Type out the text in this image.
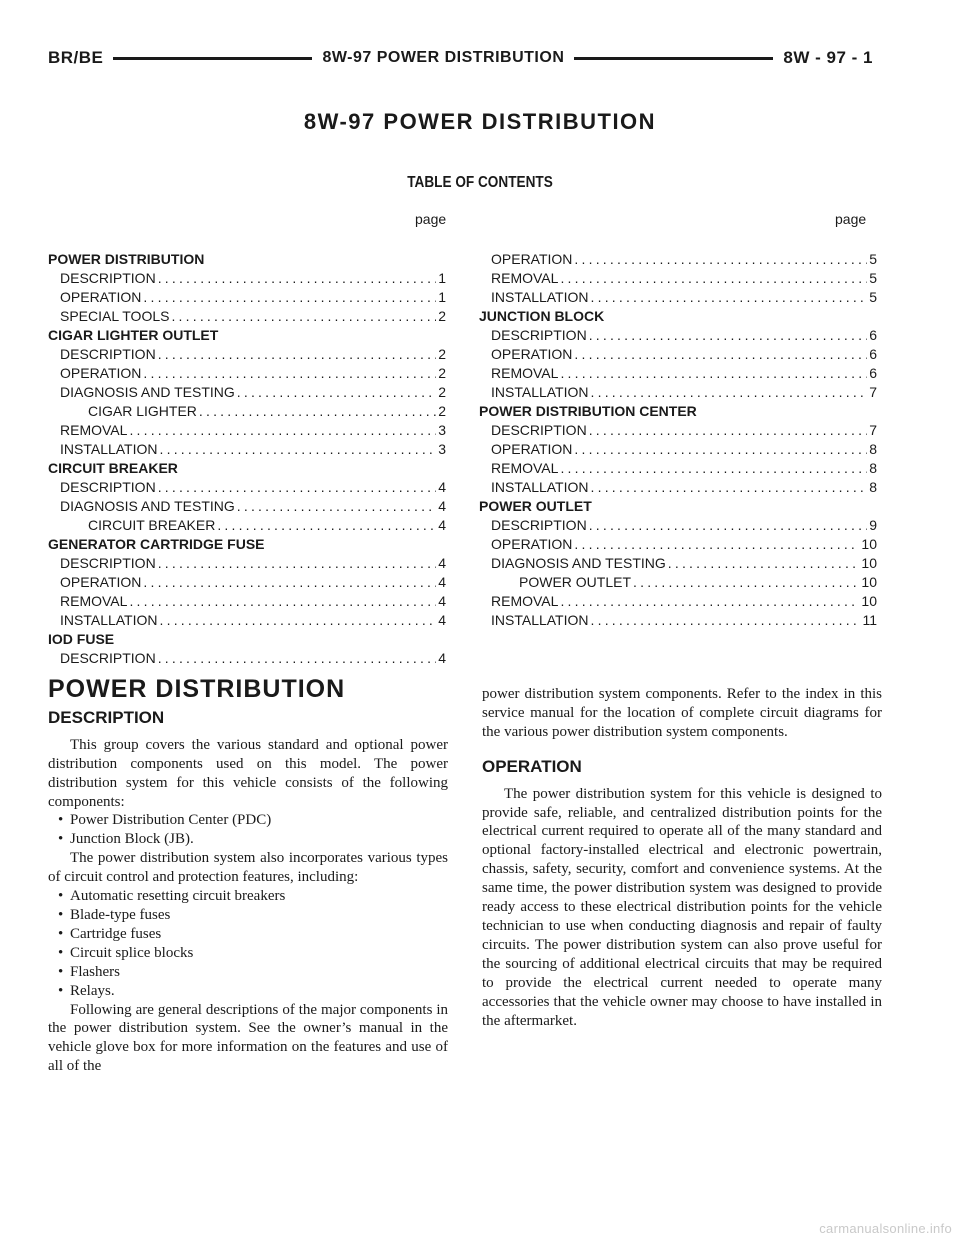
BR/BE	8W-97 POWER DISTRIBUTION	8W - 97 - 1
8W-97 POWER DISTRIBUTION
TABLE OF CONTENTS
page	page
POWER DISTRIBUTION
DESCRIPTION .....	1
OPERATION .....	1
SPECIAL TOOLS .....	2
CIGAR LIGHTER OUTLET
DESCRIPTION .....	2
OPERATION .....	2
DIAGNOSIS AND TESTING .....	2
CIGAR LIGHTER .....	2
REMOVAL .....	3
INSTALLATION .....	3
CIRCUIT BREAKER
DESCRIPTION .....	4
DIAGNOSIS AND TESTING .....	4
CIRCUIT BREAKER .....	4
GENERATOR CARTRIDGE FUSE
DESCRIPTION .....	4
OPERATION .....	4
REMOVAL .....	4
INSTALLATION .....	4
IOD FUSE
DESCRIPTION .....	4
OPERATION .....	5
REMOVAL .....	5
INSTALLATION .....	5
JUNCTION BLOCK
DESCRIPTION .....	6
OPERATION .....	6
REMOVAL .....	6
INSTALLATION .....	7
POWER DISTRIBUTION CENTER
DESCRIPTION .....	7
OPERATION .....	8
REMOVAL .....	8
INSTALLATION .....	8
POWER OUTLET
DESCRIPTION .....	9
OPERATION .....	10
DIAGNOSIS AND TESTING .....	10
POWER OUTLET .....	10
REMOVAL .....	10
INSTALLATION .....	11
POWER DISTRIBUTION
DESCRIPTION

This group covers the various standard and optional power distribution components used on this model. The power distribution system for this vehicle consists of the following components:

• Power Distribution Center (PDC)
• Junction Block (JB).

The power distribution system also incorporates various types of circuit control and protection features, including:

• Automatic resetting circuit breakers
• Blade-type fuses
• Cartridge fuses
• Circuit splice blocks
• Flashers
• Relays.

Following are general descriptions of the major components in the power distribution system. See the owner’s manual in the vehicle glove box for more information on the features and use of all of the

power distribution system components. Refer to the index in this service manual for the location of complete circuit diagrams for the various power distribution system components.

OPERATION

The power distribution system for this vehicle is designed to provide safe, reliable, and centralized distribution points for the electrical current required to operate all of the many standard and optional factory-installed electrical and electronic powertrain, chassis, safety, security, comfort and convenience systems. At the same time, the power distribution system was designed to provide ready access to these electrical distribution points for the vehicle technician to use when conducting diagnosis and repair of faulty circuits. The power distribution system can also prove useful for the sourcing of additional electrical circuits that may be required to provide the electrical current needed to operate many accessories that the vehicle owner may choose to have installed in the aftermarket.

carmanualsonline.info
